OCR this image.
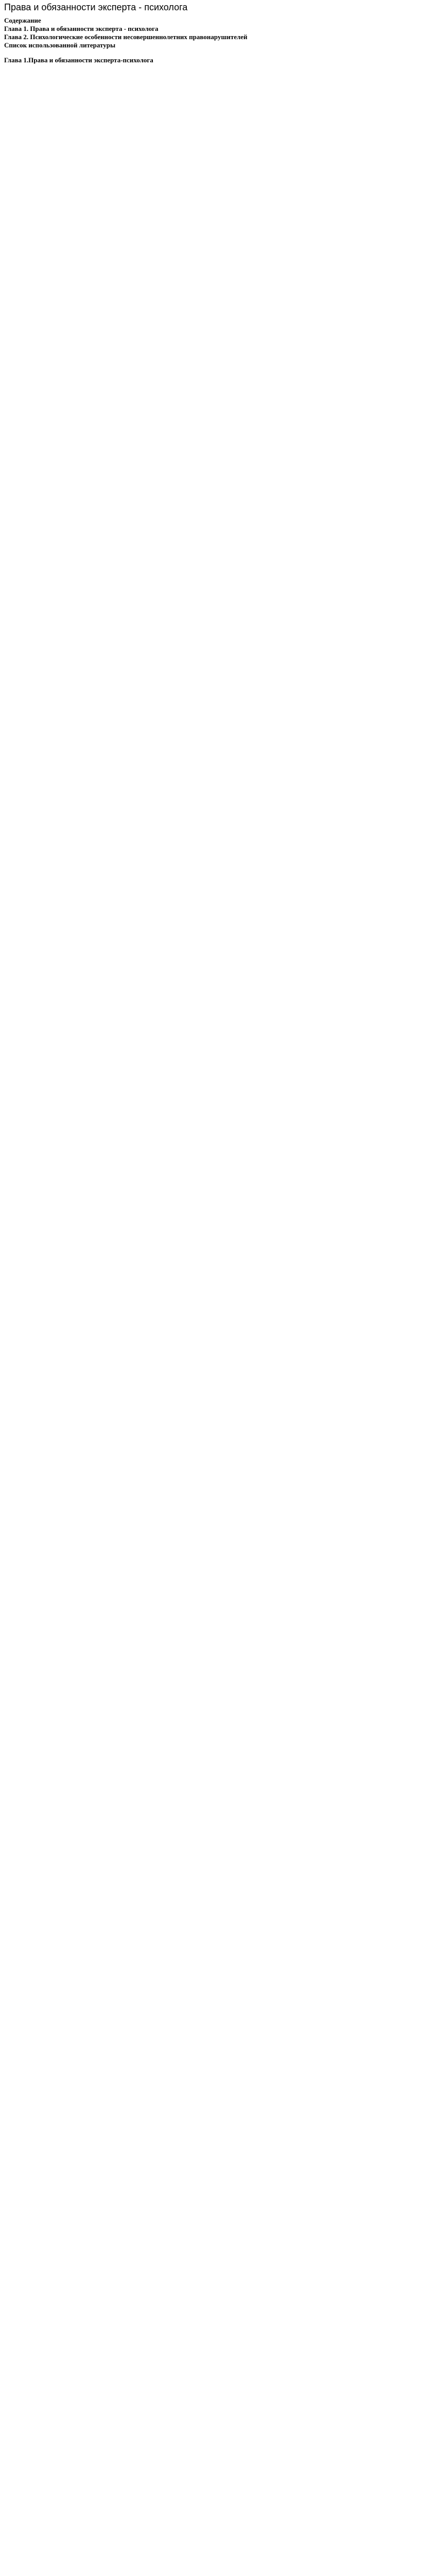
Права и обязанности эксперта - психолога

Содержание

Глава 1. Права и обязанности эксперта - психолога

Глава 2. Психологические особенности несовершеннолетних правонарушителей

Список использованной литературы

Глава 1.Права и обязанности эксперта-психолога
